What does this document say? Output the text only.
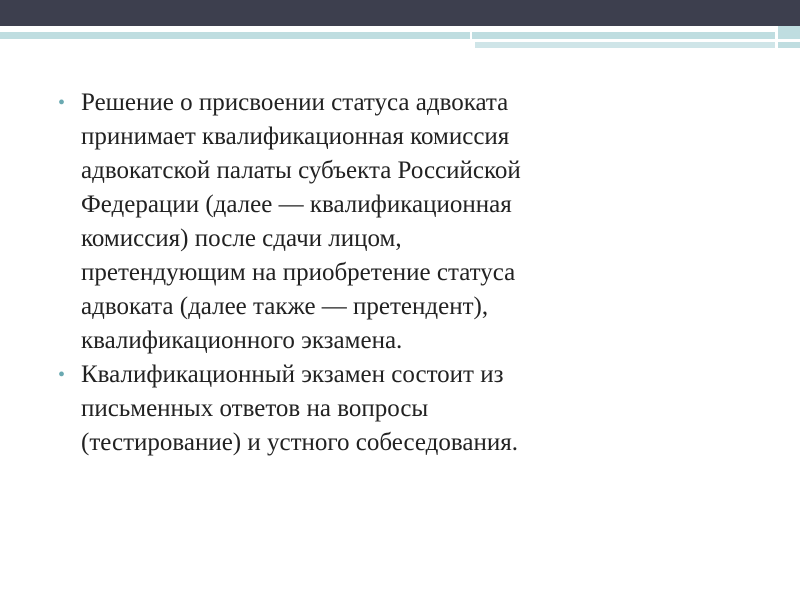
• Решение о присвоении статуса адвоката
принимает квалификационная комиссия
адвокатской палаты субъекта Российской
Федерации (далее — квалификационная
комиссия) после сдачи лицом,
претендующим на приобретение статуса
адвоката (далее также — претендент),
квалификационного экзамена.
• Квалификационный экзамен состоит из
письменных ответов на вопросы
(тестирование) и устного собеседования.
